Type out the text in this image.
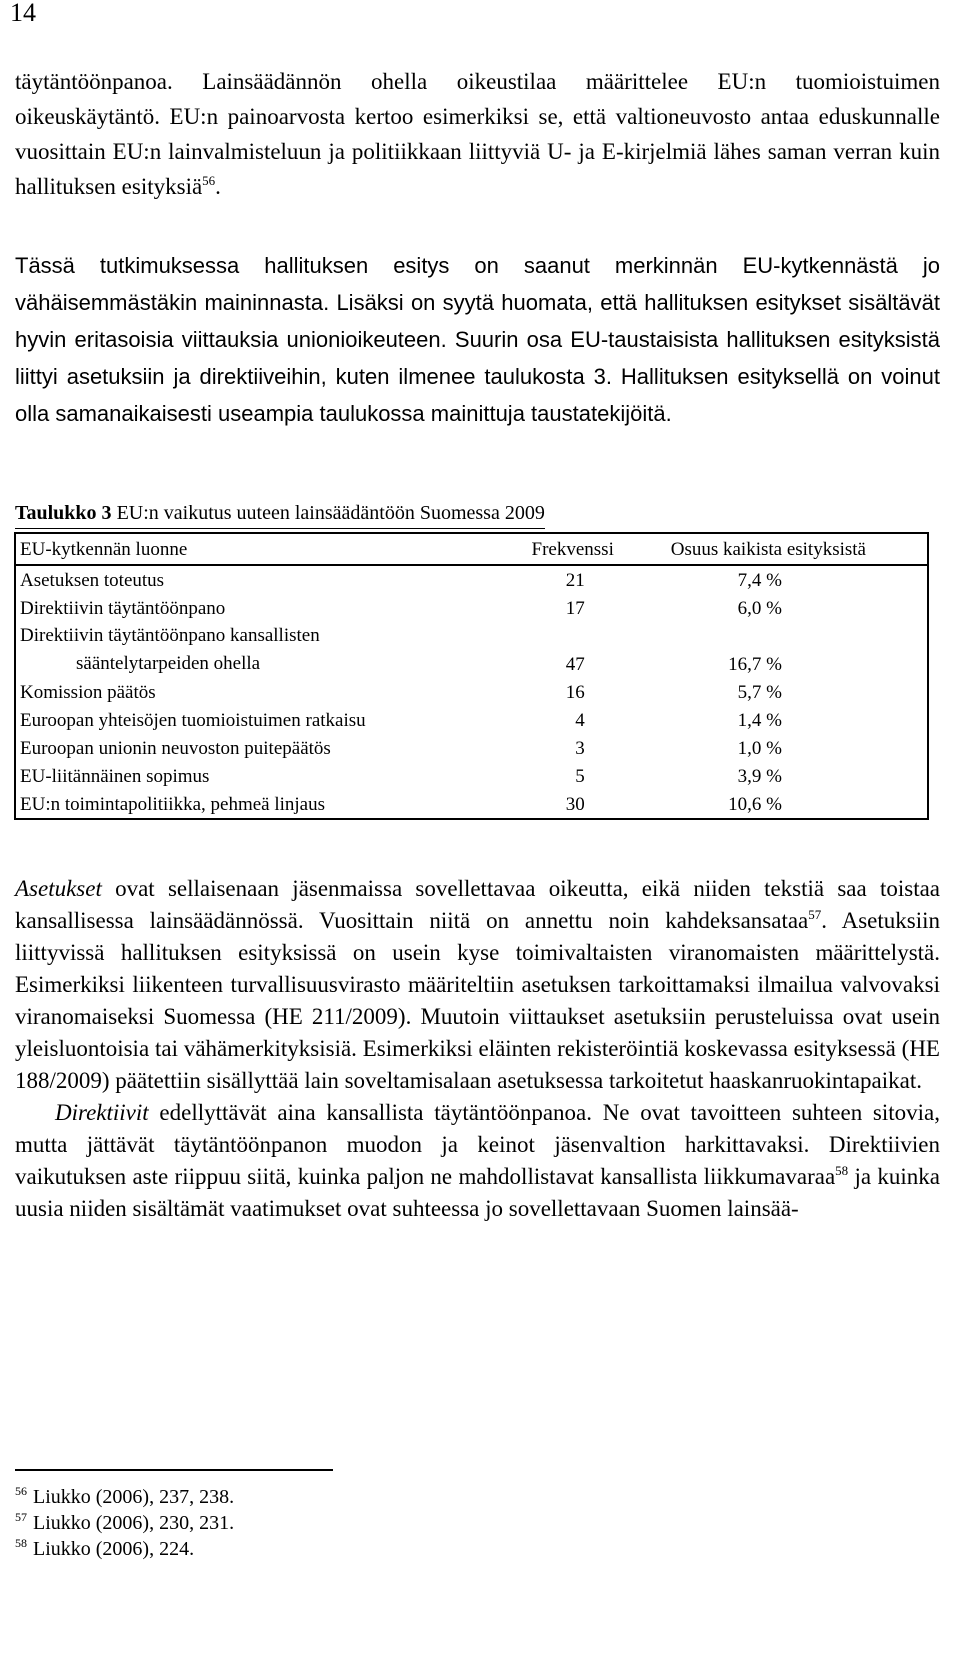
14
täytäntöönpanoa. Lainsäädännön ohella oikeustilaa määrittelee EU:n tuomioistuimen oikeuskäytäntö. EU:n painoarvosta kertoo esimerkiksi se, että valtioneuvosto antaa eduskunnalle vuosittain EU:n lainvalmisteluun ja politiikkaan liittyviä U- ja E-kirjelmiä lähes saman verran kuin hallituksen esityksiä$^{56}$.
Tässä tutkimuksessa hallituksen esitys on saanut merkinnän EU-kytkennästä jo vähäisemmästäkin maininnasta. Lisäksi on syytä huomata, että hallituksen esitykset sisältävät hyvin eritasoisia viittauksia unionioikeuteen. Suurin osa EU-taustaisista hallituksen esityksistä liittyi asetuksiin ja direktiiveihin, kuten ilmenee taulukosta 3. Hallituksen esityksellä on voinut olla samanaikaisesti useampia taulukossa mainittuja taustatekijöitä.
Taulukko 3 EU:n vaikutus uuteen lainsäädäntöön Suomessa 2009
EU-kytkennän luonne	Frekvenssi	Osuus kaikista esityksistä
Asetuksen toteutus	21	7,4 %
Direktiivin täytäntöönpano	17	6,0 %

Direktiivin täytäntöönpano kansallisten
sääntelytarpeiden ohella	47	16,7 %
Komission päätös	16	5,7 %
Euroopan yhteisöjen tuomioistuimen ratkaisu	4	1,4 %
Euroopan unionin neuvoston puitepäätös	3	1,0 %
EU-liitännäinen sopimus	5	3,9 %
EU:n toimintapolitiikka, pehmeä linjaus	30	10,6 %

Asetukset ovat sellaisenaan jäsenmaissa sovellettavaa oikeutta, eikä niiden tekstiä saa toistaa kansallisessa lainsäädännössä. Vuosittain niitä on annettu noin kahdeksansataa$^{57}$. Asetuksiin liittyvissä hallituksen esityksissä on usein kyse toimivaltaisten viranomaisten määrittelystä. Esimerkiksi liikenteen turvallisuusvirasto määriteltiin asetuksen tarkoittamaksi ilmailua valvovaksi viranomaiseksi Suomessa (HE 211/2009). Muutoin viittaukset asetuksiin perusteluissa ovat usein yleisluontoisia tai vähämerkityksisiä. Esimerkiksi eläinten rekisteröintiä koskevassa esityksessä (HE 188/2009) päätettiin sisällyttää lain soveltamisalaan asetuksessa tarkoitetut haaskanruokintapaikat.

Direktiivit edellyttävät aina kansallista täytäntöönpanoa. Ne ovat tavoitteen suhteen sitovia, mutta jättävät täytäntöönpanon muodon ja keinot jäsenvaltion harkittavaksi. Direktiivien vaikutuksen aste riippuu siitä, kuinka paljon ne mahdollistavat kansallista liikkumavaraa$^{58}$ ja kuinka uusia niiden sisältämät vaatimukset ovat suhteessa jo sovellettavaan Suomen lainsää-

$^{56}$ Liukko (2006), 237, 238.
$^{57}$ Liukko (2006), 230, 231.
$^{58}$ Liukko (2006), 224.
